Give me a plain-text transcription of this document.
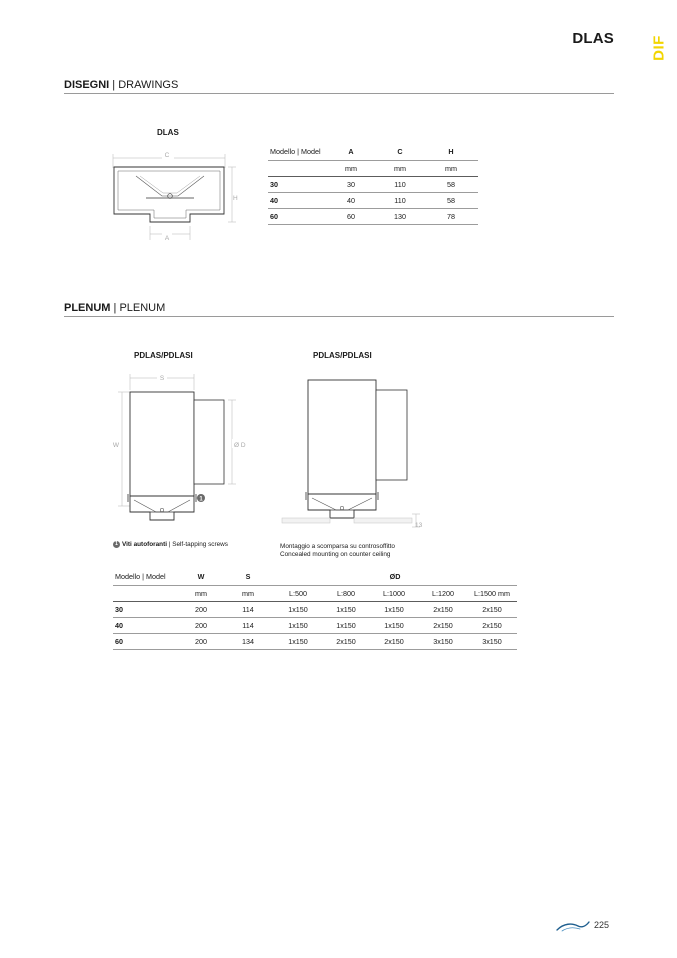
DLAS DIF
DISEGNI | DRAWINGS
DLAS
C
H
A
Modello | Model	A	C	H
	mm	mm	mm
30	30	110	58
40	40	110	58
60	60	130	78
PLENUM | PLENUM
PDLAS/PDLASI	PDLAS/PDLASI
S
W	Ø D
1
13
1 Viti autoforanti | Self-tapping screws	Montaggio a scomparsa su controsoffitto
Concealed mounting on counter ceiling
Modello | Model	W	S	ØD				
	mm	mm	L:500	L:800	L:1000	L:1200	L:1500 mm
30	200	114	1x150	1x150	1x150	2x150	2x150
40	200	114	1x150	1x150	1x150	2x150	2x150
60	200	134	1x150	2x150	2x150	3x150	3x150
225
